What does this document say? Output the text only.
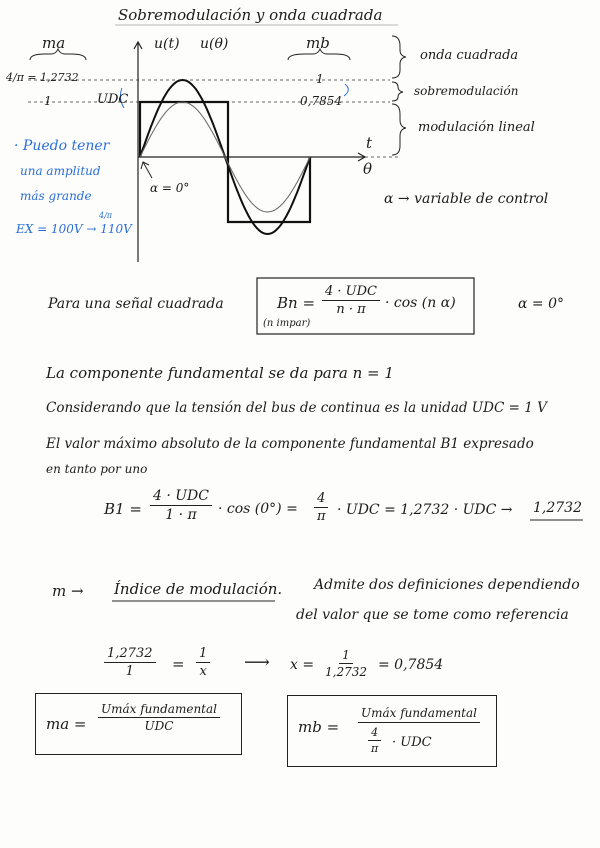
Sobremodulación y onda cuadrada
ma	u(t) u(θ)	mb
4/π = 1,2732
1	UDC
1
0,7854
t
θ
α = 0°
onda cuadrada
sobremodulación
modulación lineal
α → variable de control
· Puedo tener
una amplitud
más grande
EX = 100V → 110V
4/π
Para una señal cuadrada	Bn =
4 · UDC
n · π · cos (n α)
(n impar)
α = 0°
La componente fundamental se da para n = 1
Considerando que la tensión del bus de continua es la unidad UDC = 1 V
El valor máximo absoluto de la componente fundamental B1 expresado
en tanto por uno
B1 =
4 · UDC
$1 \cdot \pi \cdot \cos (0^\circ) = \frac{4}{\pi}$ · UDC = 1,2732 · UDC → 1,2732
m → Índice de modulación. Admite dos definiciones dependiendo
del valor que se tome como referencia
$\frac{1,2732}{1} = \frac{1}{x}$ ⟶ $x = \frac{1}{1,2732} = 0,7854$
ma =
Umáx fundamental
UDC	mb =
Umáx fundamental
$\frac{4}{\pi}$ · UDC
